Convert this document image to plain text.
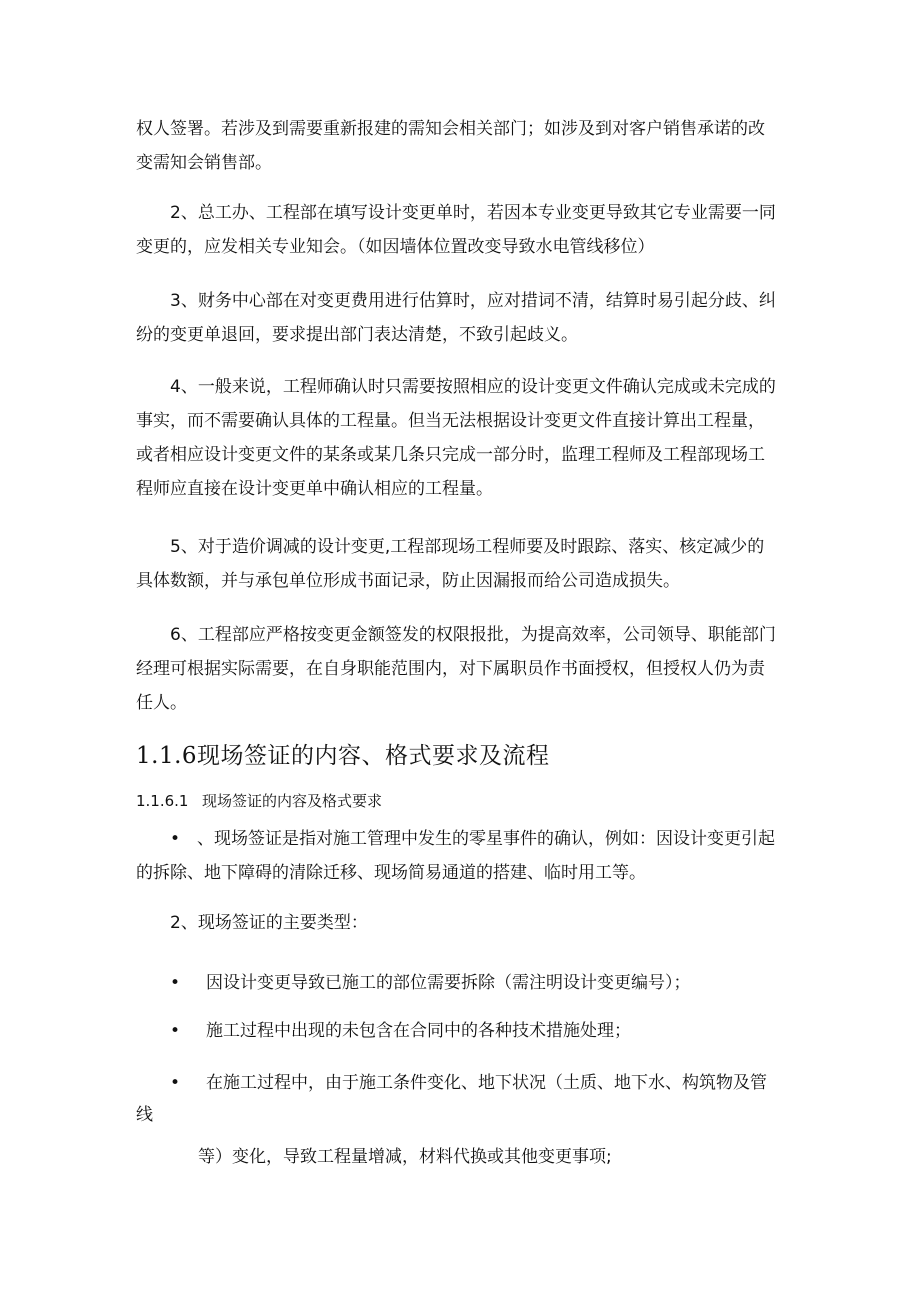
权人签署。若涉及到需要重新报建的需知会相关部门；如涉及到对客户销售承诺的改变需知会销售部。

2、总工办、工程部在填写设计变更单时，若因本专业变更导致其它专业需要一同变更的，应发相关专业知会。（如因墙体位置改变导致水电管线移位）

3、财务中心部在对变更费用进行估算时，应对措词不清，结算时易引起分歧、纠纷的变更单退回，要求提出部门表达清楚，不致引起歧义。

4、一般来说，工程师确认时只需要按照相应的设计变更文件确认完成或未完成的事实，而不需要确认具体的工程量。但当无法根据设计变更文件直接计算出工程量，或者相应设计变更文件的某条或某几条只完成一部分时，监理工程师及工程部现场工程师应直接在设计变更单中确认相应的工程量。

5、对于造价调减的设计变更,工程部现场工程师要及时跟踪、落实、核定减少的具体数额，并与承包单位形成书面记录，防止因漏报而给公司造成损失。

6、工程部应严格按变更金额签发的权限报批，为提高效率，公司领导、职能部门经理可根据实际需要，在自身职能范围内，对下属职员作书面授权，但授权人仍为责任人。

1.1.6现场签证的内容、格式要求及流程
1.1.6.1 现场签证的内容及格式要求

•　、现场签证是指对施工管理中发生的零星事件的确认，例如：因设计变更引起的拆除、地下障碍的清除迁移、现场简易通道的搭建、临时用工等。

2、现场签证的主要类型：

• 因设计变更导致已施工的部位需要拆除（需注明设计变更编号）；
• 施工过程中出现的未包含在合同中的各种技术措施处理；
• 在施工过程中，由于施工条件变化、地下状况（土质、地下水、构筑物及管
线
等）变化，导致工程量增减，材料代换或其他变更事项;
